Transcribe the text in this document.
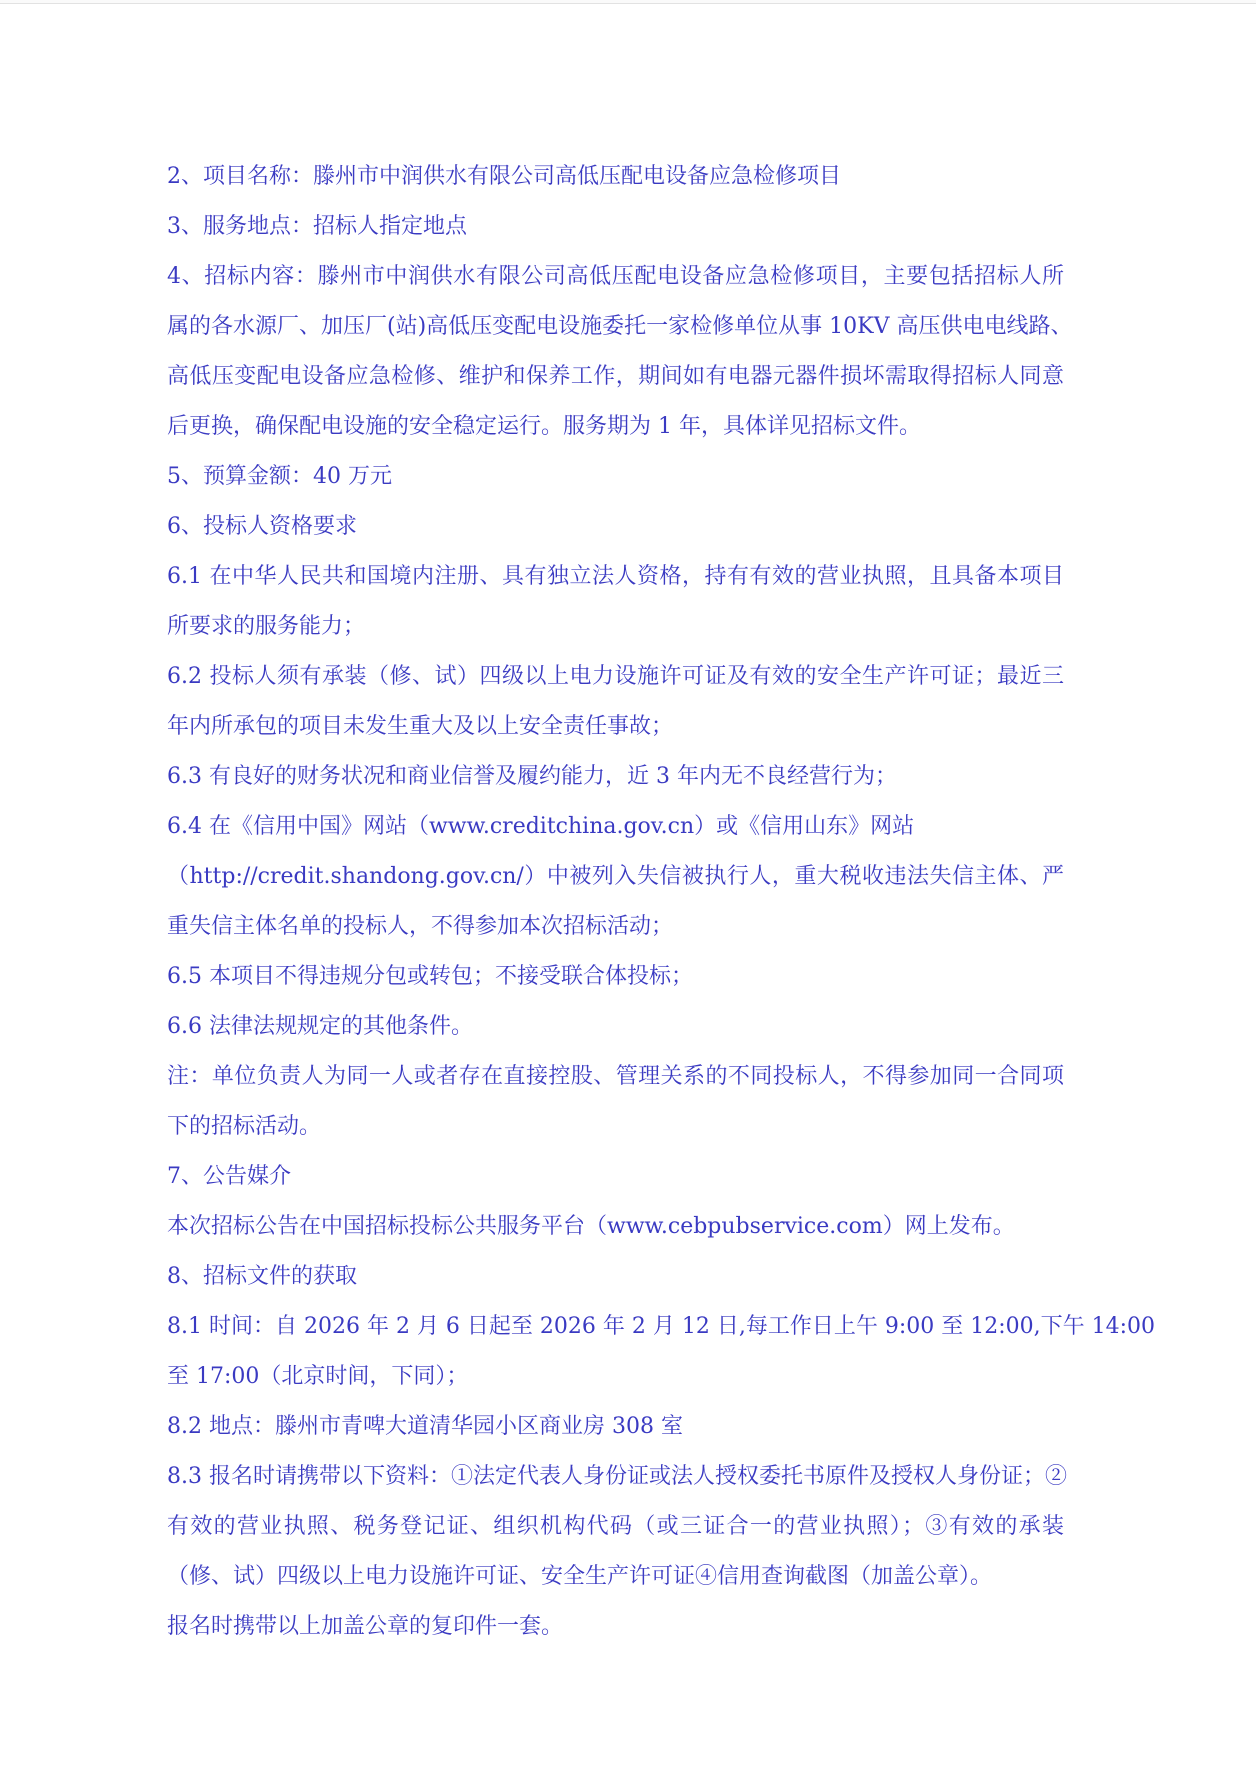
2、项目名称：滕州市中润供水有限公司高低压配电设备应急检修项目
3、服务地点：招标人指定地点
4、招标内容：滕州市中润供水有限公司高低压配电设备应急检修项目，主要包括招标人所
属的各水源厂、加压厂(站)高低压变配电设施委托一家检修单位从事 10KV 高压供电电线路、
高低压变配电设备应急检修、维护和保养工作，期间如有电器元器件损坏需取得招标人同意
后更换，确保配电设施的安全稳定运行。服务期为 1 年，具体详见招标文件。
5、预算金额：40 万元
6、投标人资格要求
6.1 在中华人民共和国境内注册、具有独立法人资格，持有有效的营业执照，且具备本项目
所要求的服务能力；
6.2 投标人须有承装（修、试）四级以上电力设施许可证及有效的安全生产许可证；最近三
年内所承包的项目未发生重大及以上安全责任事故；
6.3 有良好的财务状况和商业信誉及履约能力，近 3 年内无不良经营行为；
6.4 在《信用中国》网站（www.creditchina.gov.cn）或《信用山东》网站
（http://credit.shandong.gov.cn/）中被列入失信被执行人，重大税收违法失信主体、严
重失信主体名单的投标人，不得参加本次招标活动；
6.5 本项目不得违规分包或转包；不接受联合体投标；
6.6 法律法规规定的其他条件。
注：单位负责人为同一人或者存在直接控股、管理关系的不同投标人，不得参加同一合同项
下的招标活动。
7、公告媒介
本次招标公告在中国招标投标公共服务平台（www.cebpubservice.com）网上发布。
8、招标文件的获取
8.1 时间：自 2026 年 2 月 6 日起至 2026 年 2 月 12 日,每工作日上午 9:00 至 12:00,下午 14:00
至 17:00（北京时间，下同）；
8.2 地点：滕州市青啤大道清华园小区商业房 308 室
8.3 报名时请携带以下资料：①法定代表人身份证或法人授权委托书原件及授权人身份证；②
有效的营业执照、税务登记证、组织机构代码（或三证合一的营业执照）；③有效的承装
（修、试）四级以上电力设施许可证、安全生产许可证④信用查询截图（加盖公章）。
报名时携带以上加盖公章的复印件一套。
